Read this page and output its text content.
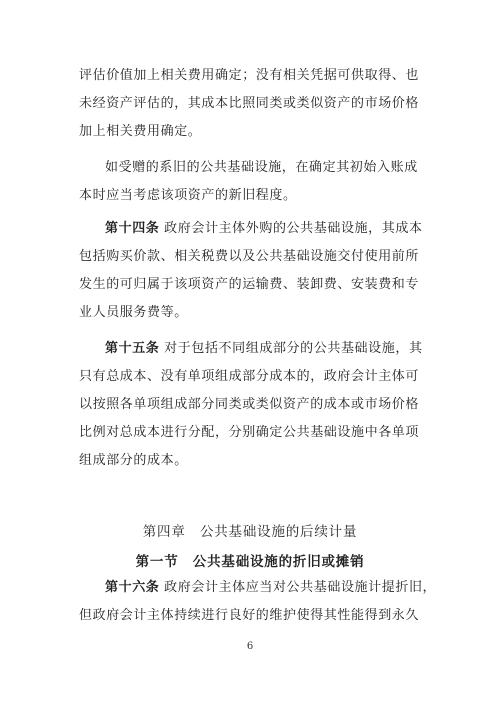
评估价值加上相关费用确定；没有相关凭据可供取得、也
未经资产评估的，其成本比照同类或类似资产的市场价格
加上相关费用确定。

如受赠的系旧的公共基础设施，在确定其初始入账成
本时应当考虑该项资产的新旧程度。

第十四条 政府会计主体外购的公共基础设施，其成本
包括购买价款、相关税费以及公共基础设施交付使用前所
发生的可归属于该项资产的运输费、装卸费、安装费和专
业人员服务费等。

第十五条 对于包括不同组成部分的公共基础设施，其
只有总成本、没有单项组成部分成本的，政府会计主体可
以按照各单项组成部分同类或类似资产的成本或市场价格
比例对总成本进行分配，分别确定公共基础设施中各单项
组成部分的成本。

第四章　公共基础设施的后续计量

第一节　公共基础设施的折旧或摊销

第十六条 政府会计主体应当对公共基础设施计提折旧，
但政府会计主体持续进行良好的维护使得其性能得到永久

6
